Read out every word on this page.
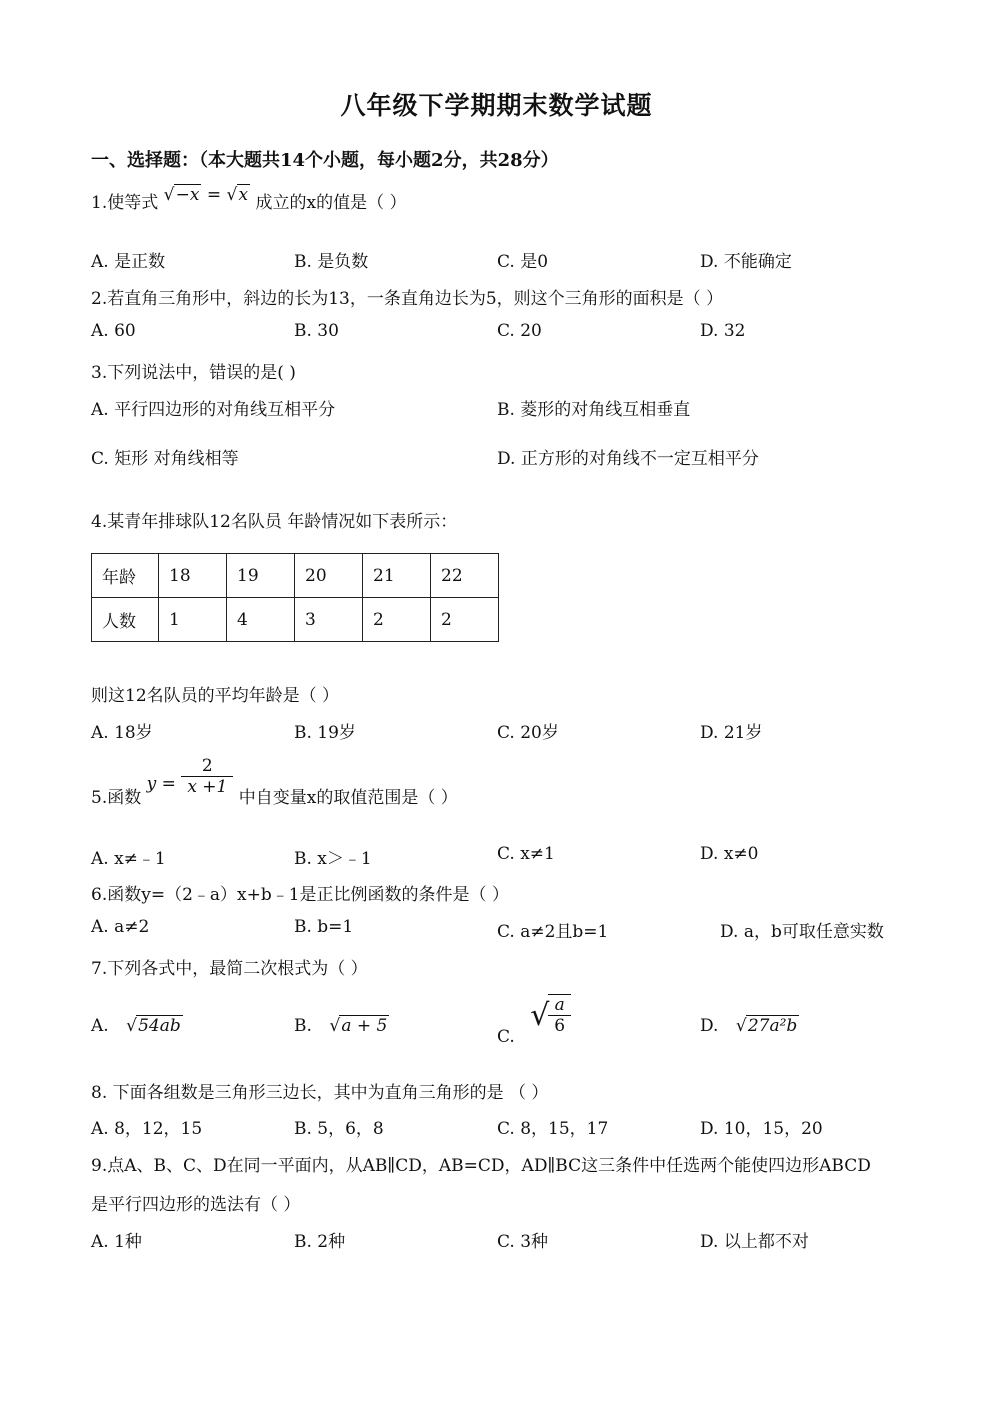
八年级下学期期末数学试题
一、选择题：（本大题共14个小题，每小题2分，共28分）
1.使等式 √ −x = √ x 成立的x的值是（ ）
A. 是正数	B. 是负数	C. 是0	D. 不能确定
2.若直角三角形中，斜边的长为13，一条直角边长为5，则这个三角形的面积是（ ）
A. 60	B. 30	C. 20	D. 32
3.下列说法中，错误的是( )
A. 平行四边形的对角线互相平分	B. 菱形的对角线互相垂直
C. 矩形 对角线相等	D. 正方形的对角线不一定互相平分
4.某青年排球队12名队员 年龄情况如下表所示：
年龄	18	19	20	21	22
人数	1	4	3	2	2
则这12名队员的平均年龄是（ ）
A. 18岁	B. 19岁	C. 20岁	D. 21岁
5.函数 $y = \frac{2}{x +1}$
中自变量x的取值范围是（ ）
A. x≠﹣1	B. x＞﹣1	C. x≠1	D. x≠0
6.函数y=（2﹣a）x+b﹣1是正比例函数的条件是（ ）
A. a≠2	B. b=1	C. a≠2且b=1	D. a，b可取任意实数
7.下列各式中，最简二次根式为（ ）
A. √ 54ab	B. √ a + 5
C.
√
$\frac{a}{6}$	D. √ 27a²b
8. 下面各组数是三角形三边长，其中为直角三角形的是 （ ）
A. 8，12，15	B. 5，6，8	C. 8，15，17	D. 10，15，20
9.点A、B、C、D在同一平面内，从AB∥CD，AB=CD，AD∥BC这三条件中任选两个能使四边形ABCD
是平行四边形的选法有（ ）
A. 1种	B. 2种	C. 3种	D. 以上都不对
